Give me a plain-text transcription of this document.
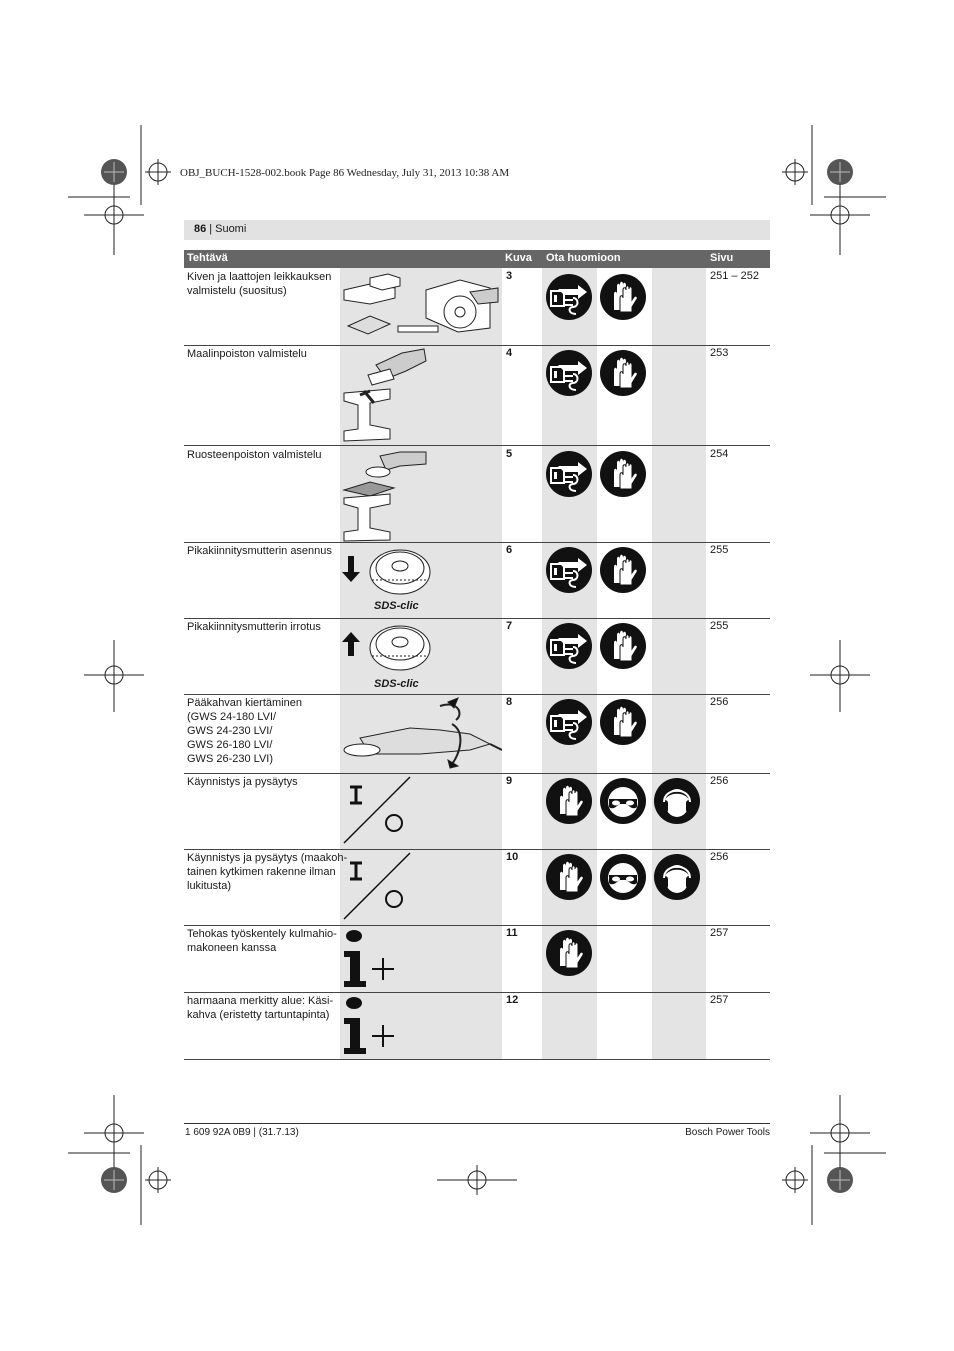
OBJ_BUCH-1528-002.book Page 86 Wednesday, July 31, 2013 10:38 AM
86 | Suomi
Tehtävä	Kuva Ota huomioon	Sivu
Kiven ja laattojen leikkauksen
valmistelu (suositus)
3	251 – 252
Maalinpoiston valmistelu	4	253
Ruosteenpoiston valmistelu	5	254
Pikakiinnitysmutterin asennus
SDS-clic
6	255
Pikakiinnitysmutterin irrotus
SDS-clic
7	255
Pääkahvan kiertäminen
(GWS 24-180 LVI/
GWS 24-230 LVI/
GWS 26-180 LVI/
GWS 26-230 LVI)
8	256
Käynnistys ja pysäytys	9	256
Käynnistys ja pysäytys (maakoh-
tainen kytkimen rakenne ilman
lukitusta)
10	256
Tehokas työskentely kulmahio-
makoneen kanssa
11	257
harmaana merkitty alue: Käsi-
kahva (eristetty tartuntapinta)
12	257
1 609 92A 0B9 | (31.7.13)	Bosch Power Tools
